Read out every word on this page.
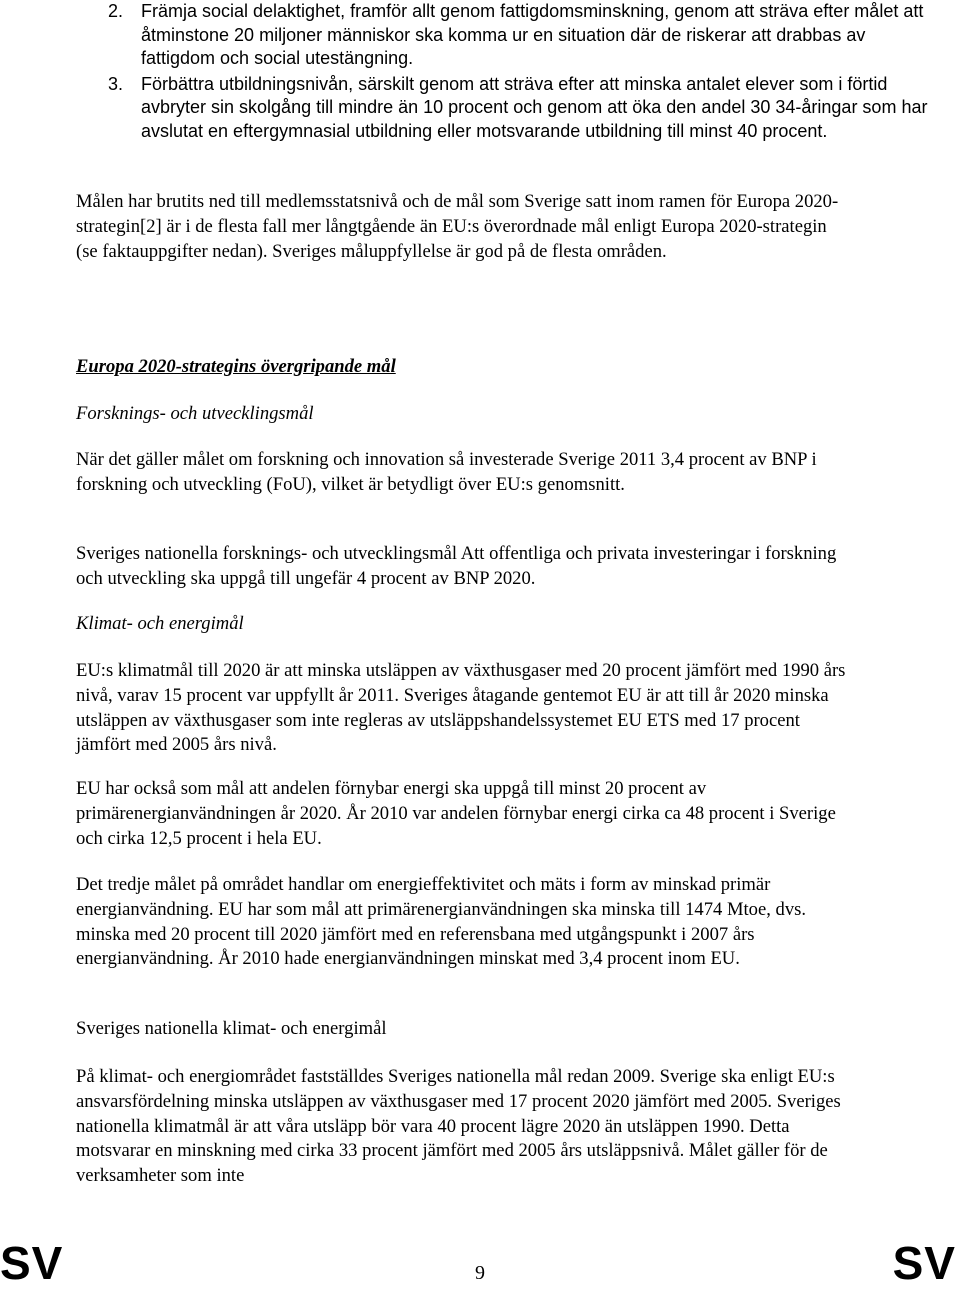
2. Främja social delaktighet, framför allt genom fattigdomsminskning, genom att sträva efter målet att åtminstone 20 miljoner människor ska komma ur en situation där de riskerar att drabbas av fattigdom och social utestängning.
3. Förbättra utbildningsnivån, särskilt genom att sträva efter att minska antalet elever som i förtid avbryter sin skolgång till mindre än 10 procent och genom att öka den andel 30 34-åringar som har avslutat en eftergymnasial utbildning eller motsvarande utbildning till minst 40 procent.

Målen har brutits ned till medlemsstatsnivå och de mål som Sverige satt inom ramen för Europa 2020-strategin[2] är i de flesta fall mer långtgående än EU:s överordnade mål enligt Europa 2020-strategin (se faktauppgifter nedan). Sveriges måluppfyllelse är god på de flesta områden.

Europa 2020-strategins övergripande mål

Forsknings- och utvecklingsmål

När det gäller målet om forskning och innovation så investerade Sverige 2011 3,4 procent av BNP i forskning och utveckling (FoU), vilket är betydligt över EU:s genomsnitt.

Sveriges nationella forsknings- och utvecklingsmål Att offentliga och privata investeringar i forskning och utveckling ska uppgå till ungefär 4 procent av BNP 2020.

Klimat- och energimål

EU:s klimatmål till 2020 är att minska utsläppen av växthusgaser med 20 procent jämfört med 1990 års nivå, varav 15 procent var uppfyllt år 2011. Sveriges åtagande gentemot EU är att till år 2020 minska utsläppen av växthusgaser som inte regleras av utsläppshandelssystemet EU ETS med 17 procent jämfört med 2005 års nivå.

EU har också som mål att andelen förnybar energi ska uppgå till minst 20 procent av primärenergianvändningen år 2020. År 2010 var andelen förnybar energi cirka ca 48 procent i Sverige och cirka 12,5 procent i hela EU.

Det tredje målet på området handlar om energieffektivitet och mäts i form av minskad primär energianvändning. EU har som mål att primärenergianvändningen ska minska till 1474 Mtoe, dvs. minska med 20 procent till 2020 jämfört med en referensbana med utgångspunkt i 2007 års energianvändning. År 2010 hade energianvändningen minskat med 3,4 procent inom EU.

Sveriges nationella klimat- och energimål

På klimat- och energiområdet fastställdes Sveriges nationella mål redan 2009. Sverige ska enligt EU:s ansvarsfördelning minska utsläppen av växthusgaser med 17 procent 2020 jämfört med 2005. Sveriges nationella klimatmål är att våra utsläpp bör vara 40 procent lägre 2020 än utsläppen 1990. Detta motsvarar en minskning med cirka 33 procent jämfört med 2005 års utsläppsnivå. Målet gäller för de verksamheter som inte

SV	9	SV
